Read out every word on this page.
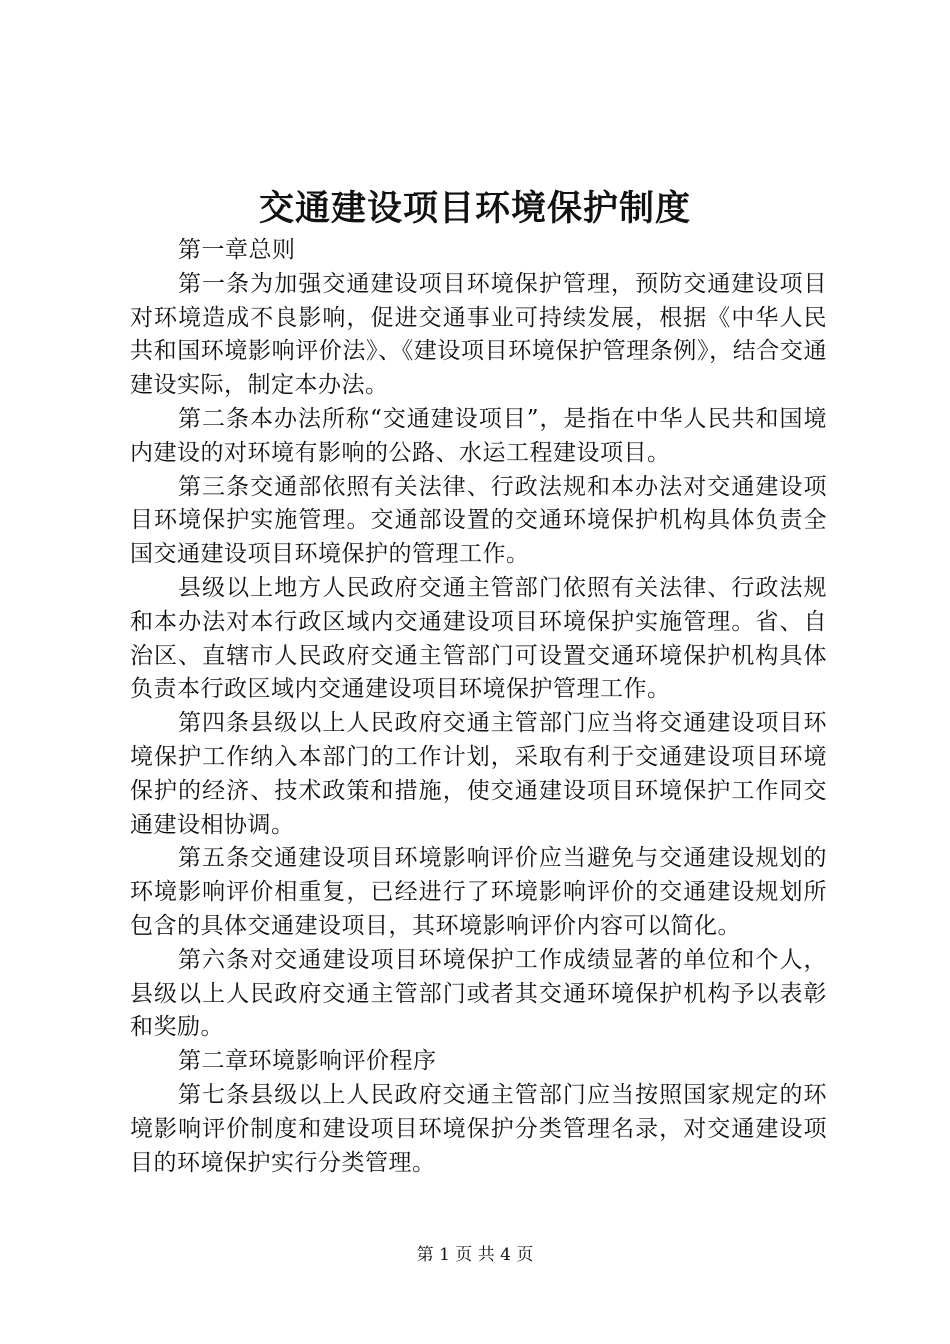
交通建设项目环境保护制度

第一章总则

第一条为加强交通建设项目环境保护管理，预防交通建设项目对环境造成不良影响，促进交通事业可持续发展，根据《中华人民共和国环境影响评价法》、《建设项目环境保护管理条例》，结合交通建设实际，制定本办法。

第二条本办法所称“交通建设项目”，是指在中华人民共和国境内建设的对环境有影响的公路、水运工程建设项目。

第三条交通部依照有关法律、行政法规和本办法对交通建设项目环境保护实施管理。交通部设置的交通环境保护机构具体负责全国交通建设项目环境保护的管理工作。

县级以上地方人民政府交通主管部门依照有关法律、行政法规和本办法对本行政区域内交通建设项目环境保护实施管理。省、自治区、直辖市人民政府交通主管部门可设置交通环境保护机构具体负责本行政区域内交通建设项目环境保护管理工作。

第四条县级以上人民政府交通主管部门应当将交通建设项目环境保护工作纳入本部门的工作计划，采取有利于交通建设项目环境保护的经济、技术政策和措施，使交通建设项目环境保护工作同交通建设相协调。

第五条交通建设项目环境影响评价应当避免与交通建设规划的环境影响评价相重复，已经进行了环境影响评价的交通建设规划所包含的具体交通建设项目，其环境影响评价内容可以简化。

第六条对交通建设项目环境保护工作成绩显著的单位和个人，县级以上人民政府交通主管部门或者其交通环境保护机构予以表彰和奖励。

第二章环境影响评价程序

第七条县级以上人民政府交通主管部门应当按照国家规定的环境影响评价制度和建设项目环境保护分类管理名录，对交通建设项目的环境保护实行分类管理。

第 1 页 共 4 页
